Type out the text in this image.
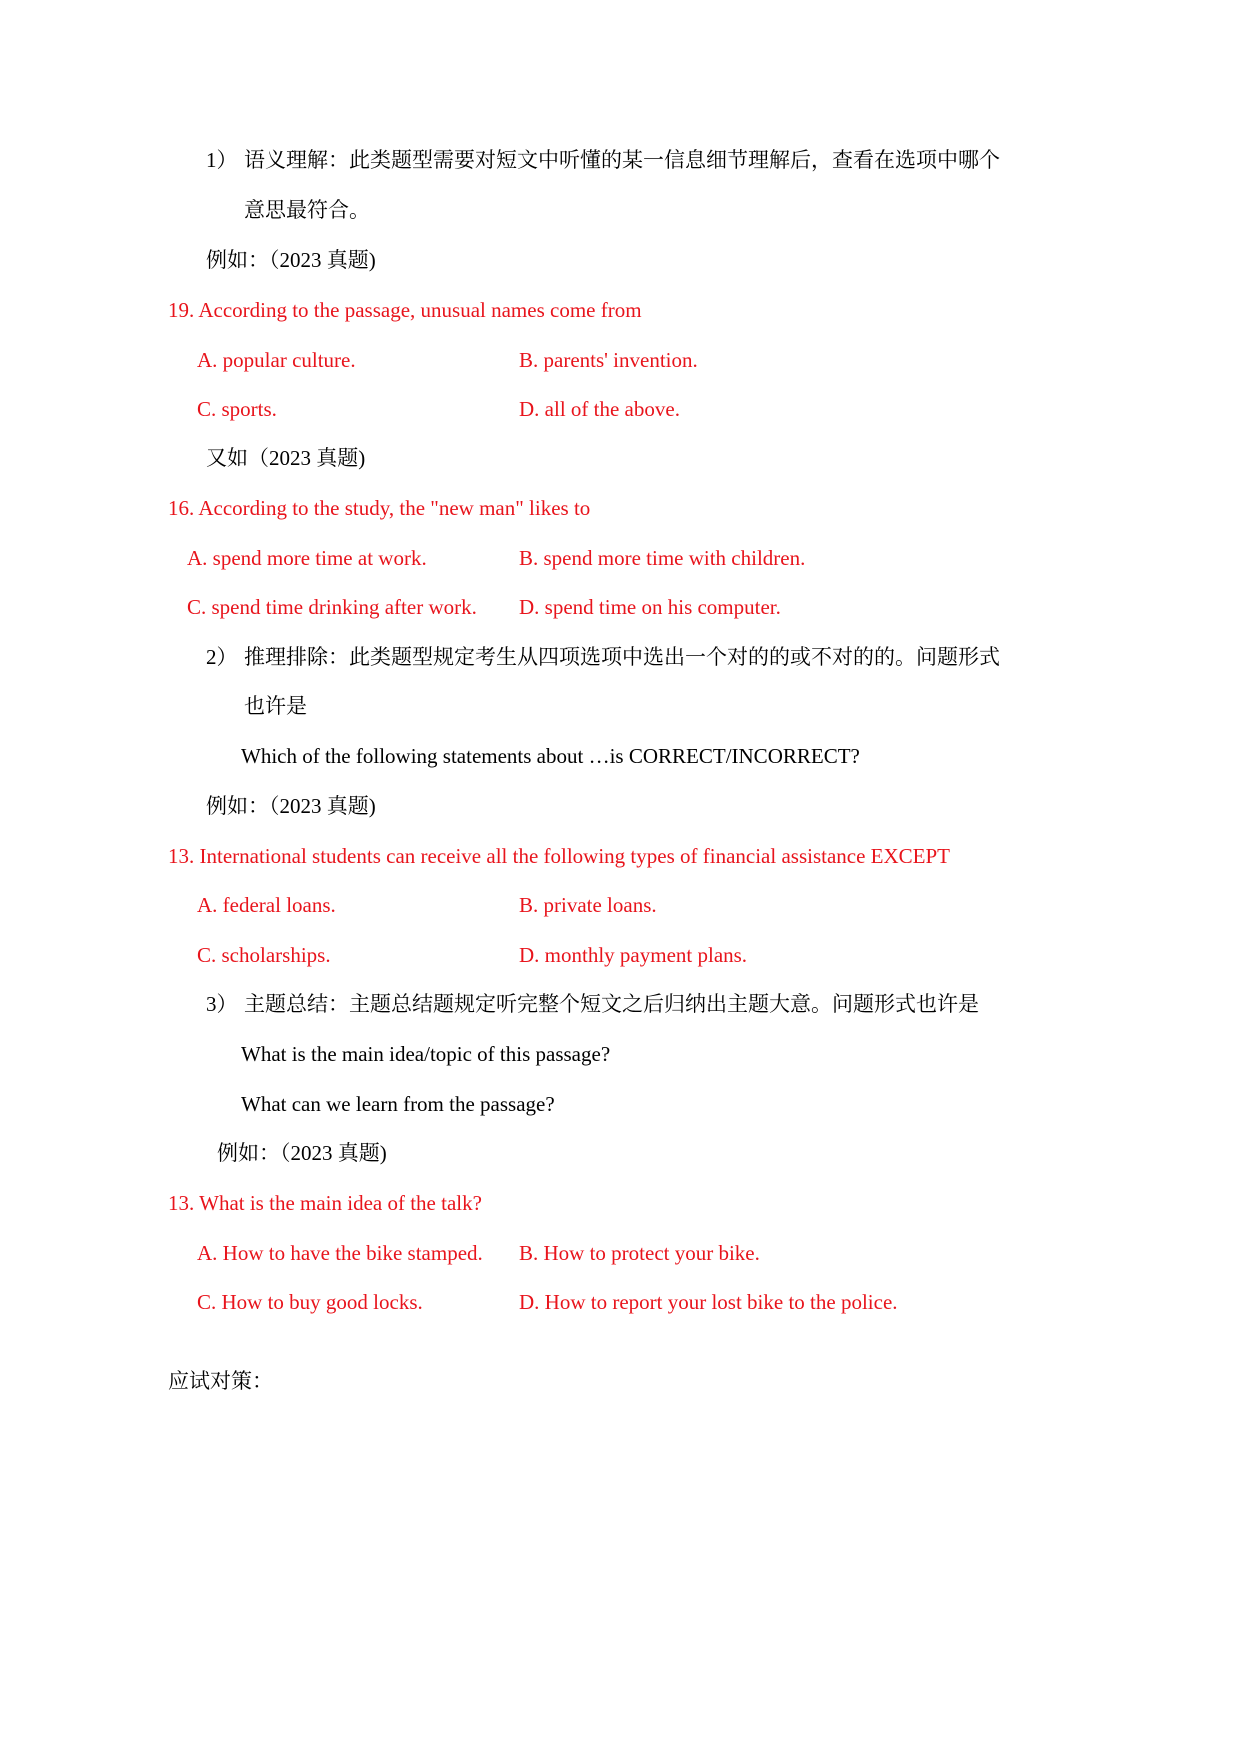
1） 语义理解：此类题型需要对短文中听懂的某一信息细节理解后，查看在选项中哪个
意思最符合。
例如：（2023 真题)
19. According to the passage, unusual names come from
A. popular culture.	B. parents' invention.
C. sports.	D. all of the above.
又如（2023 真题)
16. According to the study, the "new man" likes to
A. spend more time at work.	B. spend more time with children.
C. spend time drinking after work. D. spend time on his computer.
2） 推理排除：此类题型规定考生从四项选项中选出一个对的的或不对的的。问题形式
也许是
Which of the following statements about …is CORRECT/INCORRECT?
例如：（2023 真题)
13. International students can receive all the following types of financial assistance EXCEPT
A. federal loans.	B. private loans.
C. scholarships.	D. monthly payment plans.
3） 主题总结：主题总结题规定听完整个短文之后归纳出主题大意。问题形式也许是
What is the main idea/topic of this passage?
What can we learn from the passage?
例如：（2023 真题)
13. What is the main idea of the talk?
A. How to have the bike stamped. B. How to protect your bike.
C. How to buy good locks.	D. How to report your lost bike to the police.
应试对策：
